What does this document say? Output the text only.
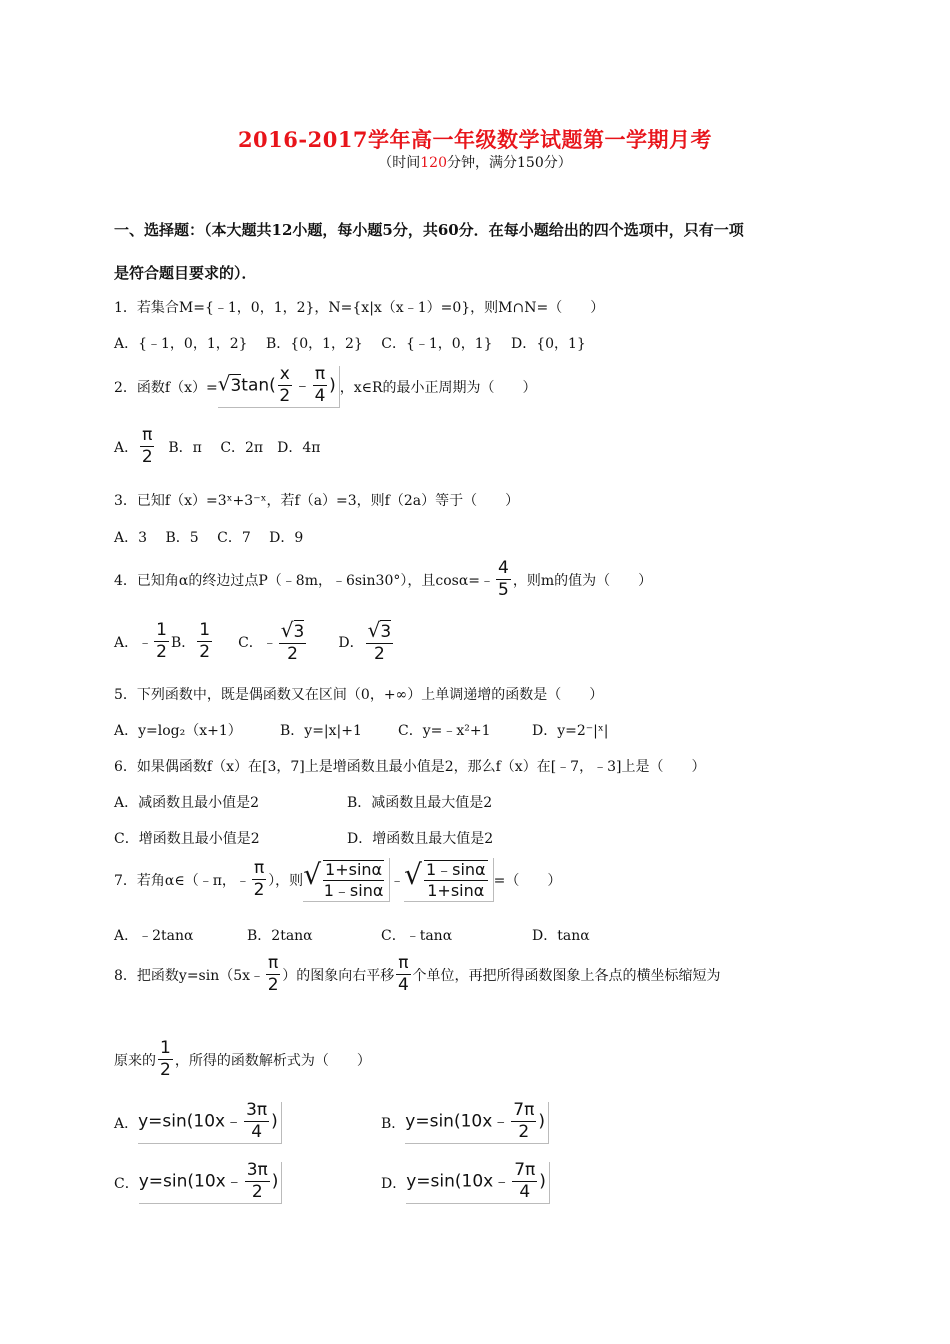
2016-2017学年高一年级数学试题第一学期月考
（时间120分钟，满分150分）
一、选择题：（本大题共12小题，每小题5分，共60分．在每小题给出的四个选项中，只有一项
是符合题目要求的）．
1．若集合M={﹣1，0，1，2}，N={x|x（x﹣1）=0}，则M∩N=（　　）
A．{﹣1，0，1，2}　 B．{0，1，2}　 C．{﹣1，0，1}　 D．{0，1}
2．函数$f(x)= √3\tan( \frac{x}{2}$ ﹣ $\frac{\pi}{4}$ ) ，x∈R的最小正周期为（　　）
A． $\frac{\pi}{2}$ B．π　 C．2π　D．4π
3．已知f（x）=3ˣ+3⁻ˣ，若f（a）=3，则f（2a）等于（　　）
A．3　 B．5　 C．7　 D．9
4．已知角α的终边过点P（﹣8m，﹣6sin30°），且cosα=﹣ $\frac{4}{5}$ ，则m的值为（　　）
A．﹣ $\frac{1}{2}$ B． $\frac{1}{2}$ C．﹣ $\frac{√3}{2}$ D． $\frac{√3}{2}$
5．下列函数中，既是偶函数又在区间（0，+∞）上单调递增的函数是（　　）
A．y=log₂（x+1）	B．y=|x|+1	C．y=﹣x²+1	D．y=2⁻|ˣ|
6．如果偶函数f（x）在[3，7]上是增函数且最小值是2，那么f（x）在[﹣7，﹣3]上是（　　）
A．减函数且最小值是2	B．减函数且最大值是2
C．增函数且最小值是2	D．增函数且最大值是2
7．若角α∈（﹣π，﹣ $\frac{\pi}{2}$ ），则 √ $\frac{1+\sin\alpha}{1﹣\sin\alpha}$ ﹣ √ $\frac{1﹣\sin\alpha}{1+\sin\alpha}$ =（　　）
A．﹣2tanα	B．2tanα	C．﹣tanα	D．tanα
8．把函数y=sin（5x﹣ $\frac{\pi}{2}$ ）的图象向右平移 $\frac{\pi}{4}$ 个单位，再把所得函数图象上各点的横坐标缩短为
原来的 $\frac{1}{2}$ ，所得的函数解析式为（　　）
A． y=sin(10x﹣ $\frac{3\pi}{4}$ )	B． y=sin(10x﹣ $\frac{7\pi}{2}$ )
C． y=sin(10x﹣ $\frac{3\pi}{2}$ )	D． y=sin(10x﹣ $\frac{7\pi}{4}$ )
